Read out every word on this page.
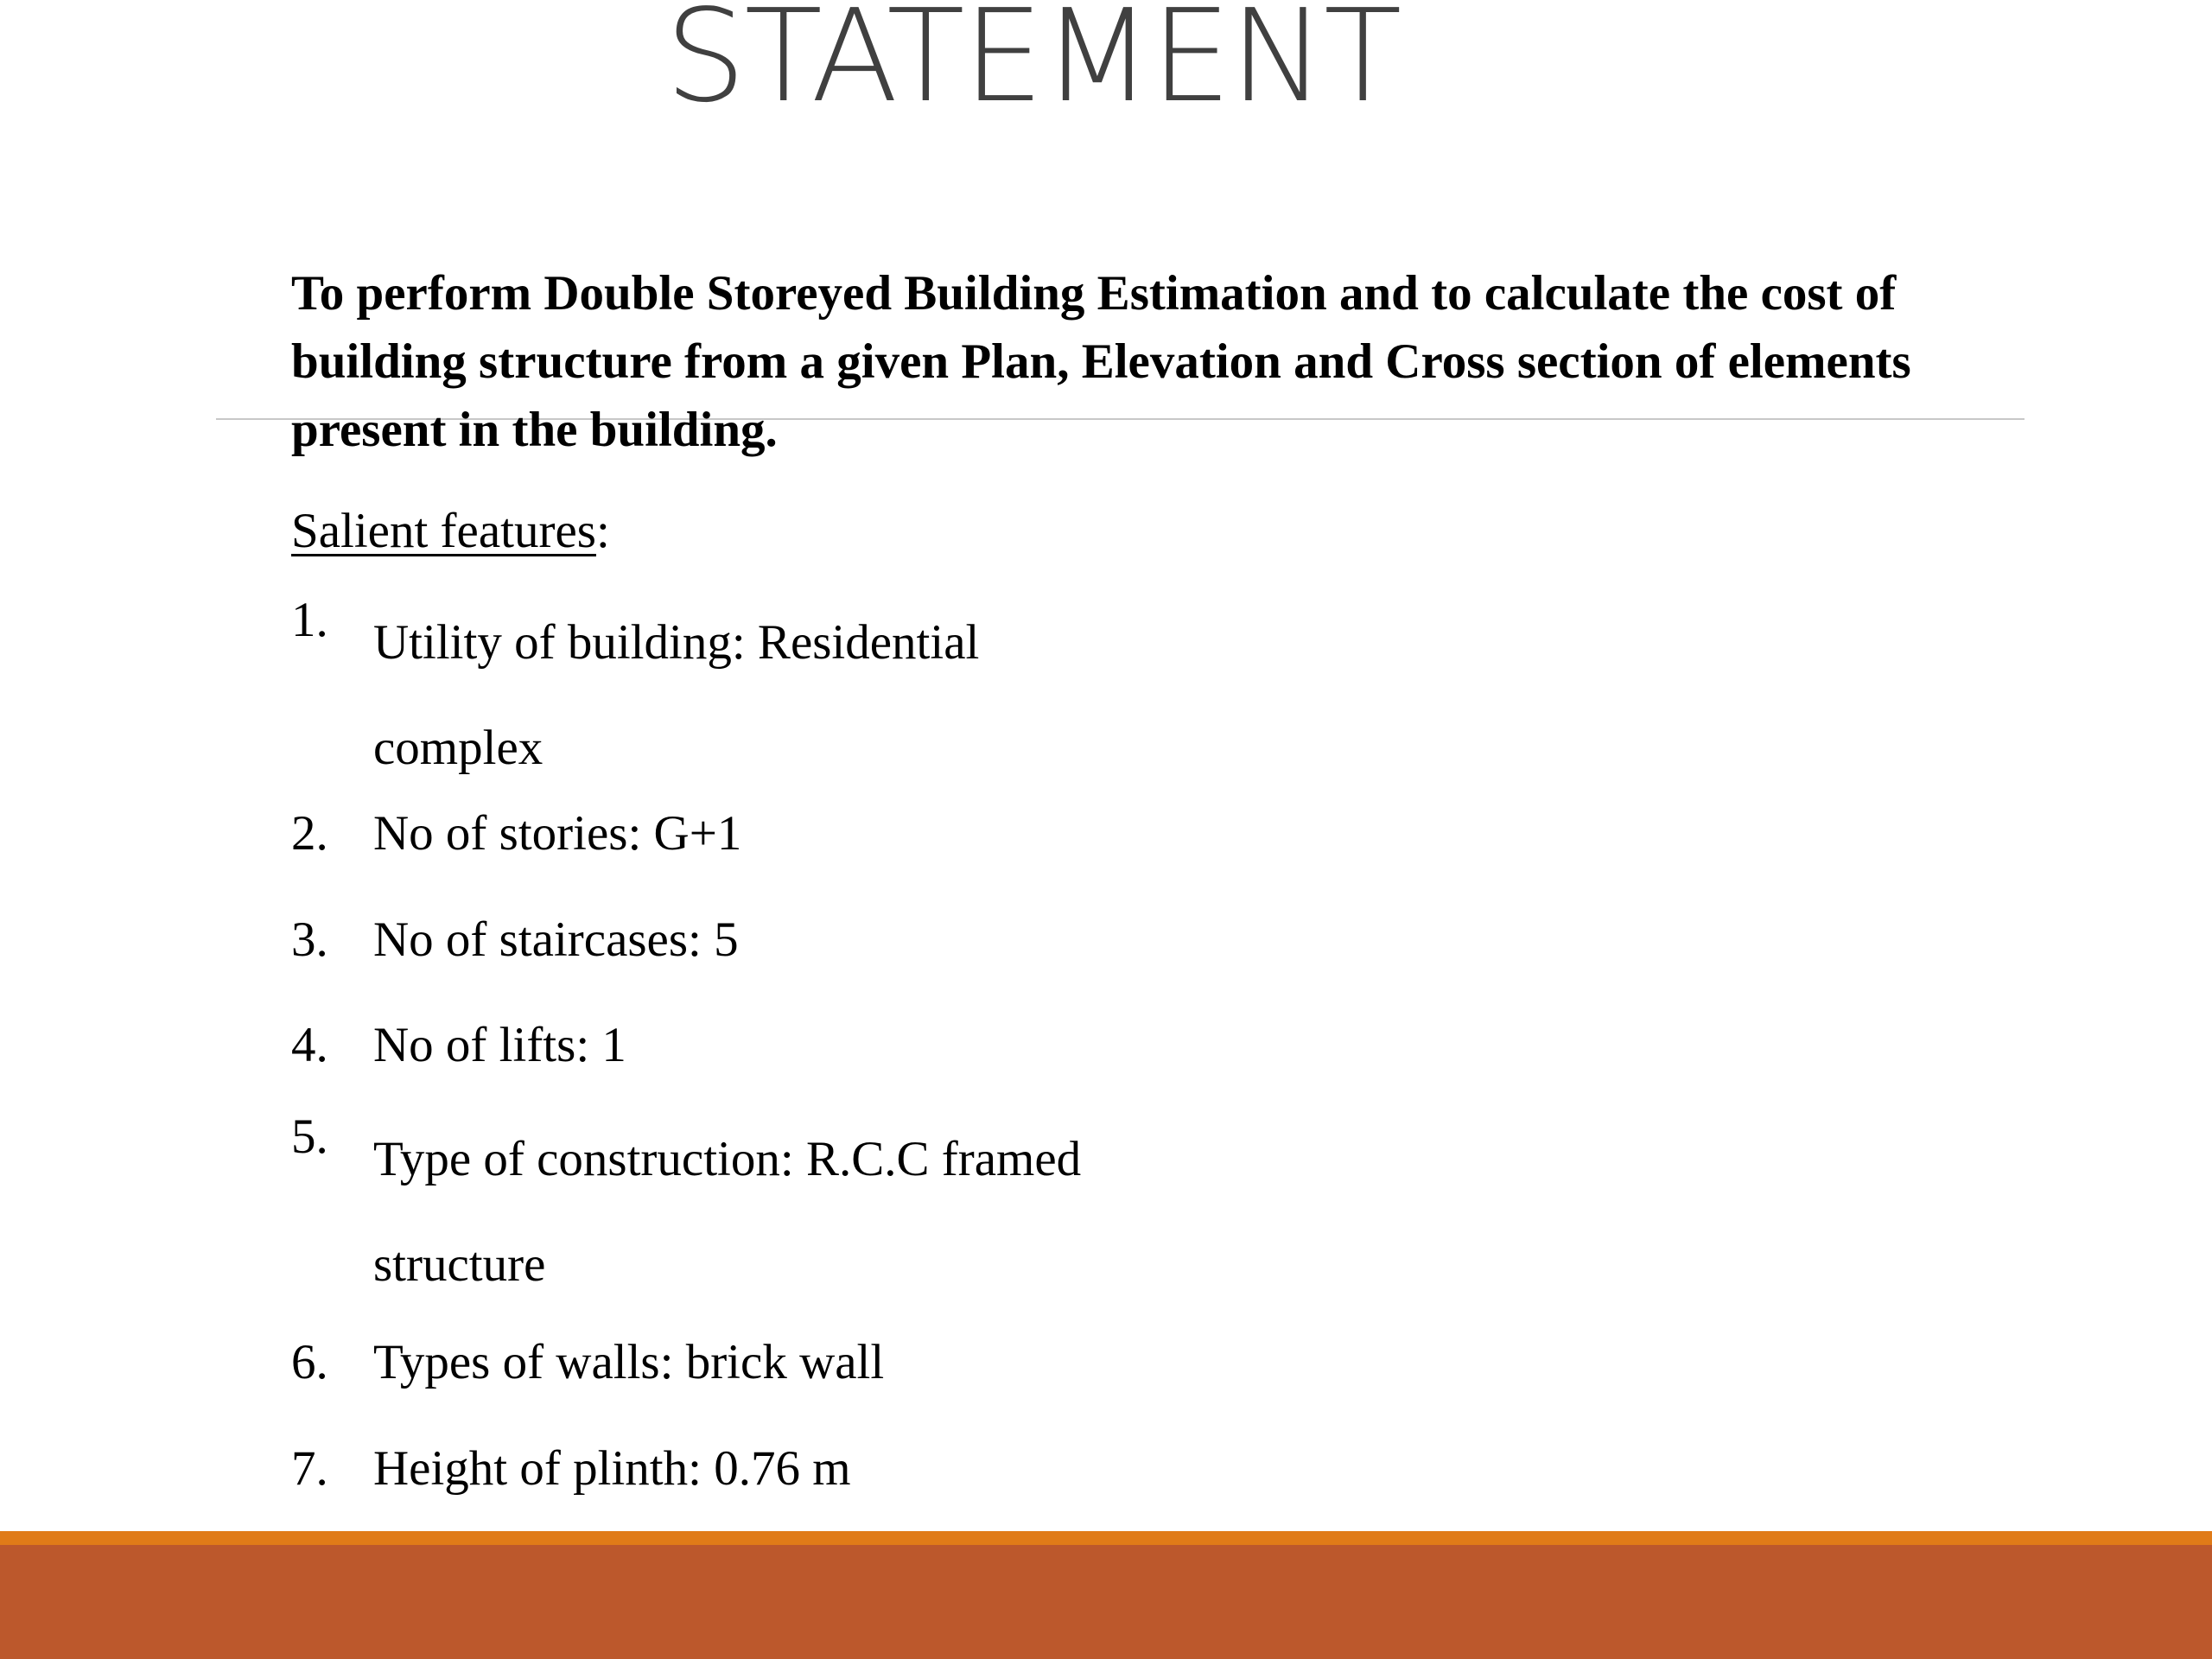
STATEMENT

To perform Double Storeyed Building Estimation and to calculate the cost of building structure from a given Plan, Elevation and Cross section of elements present in the building.

Salient features:

1. Utility of building: Residential complex
2. No of stories: G+1
3. No of staircases: 5
4. No of lifts: 1
5. Type of construction: R.C.C framed structure
6. Types of walls: brick wall
7. Height of plinth: 0.76 m
